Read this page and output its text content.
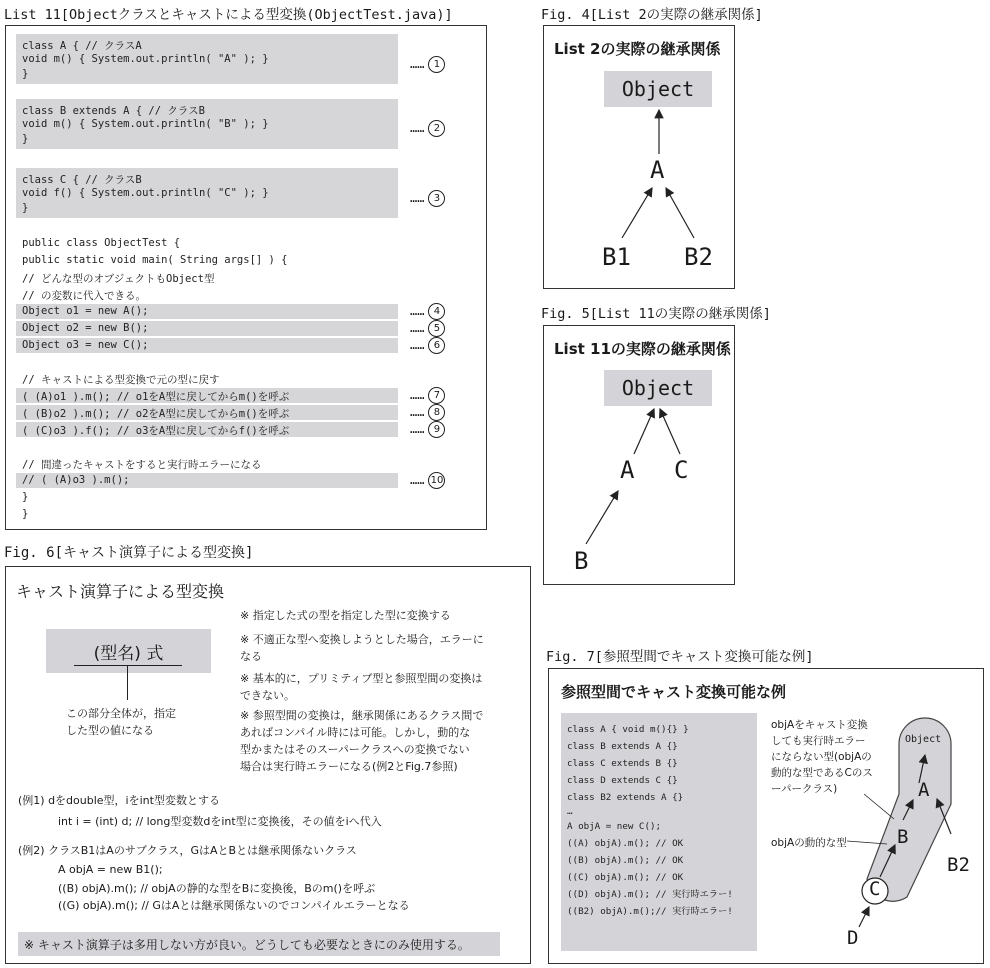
List 11[Objectクラスとキャストによる型変換(ObjectTest.java)]
class A { // クラスA
void m() { System.out.println( "A" ); }
}
…… 1
class B extends A { // クラスB
void m() { System.out.println( "B" ); }
}
…… 2
class C { // クラスB
void f() { System.out.println( "C" ); }
}
…… 3
public class ObjectTest {
public static void main( String args[] ) {
// どんな型のオブジェクトもObject型
// の変数に代入できる。
Object o1 = new A();
Object o2 = new B();
Object o3 = new C();
…… 4
…… 5
…… 6
// キャストによる型変換で元の型に戻す
( (A)o1 ).m(); // o1をA型に戻してからm()を呼ぶ
( (B)o2 ).m(); // o2をA型に戻してからm()を呼ぶ
( (C)o3 ).f(); // o3をA型に戻してからf()を呼ぶ
…… 7
…… 8
…… 9
// 間違ったキャストをすると実行時エラーになる
// ( (A)o3 ).m();	…… 10
}
}
Fig. 4[List 2の実際の継承関係]
List 2の実際の継承関係
Object
A
B1 B2
Fig. 5[List 11の実際の継承関係]
List 11の実際の継承関係
Object
A C
B
Fig. 6[キャスト演算子による型変換]
キャスト演算子による型変換
(型名) 式
この部分全体が，指定
した型の値になる
※ 指定した式の型を指定した型に変換する
※ 不適正な型へ変換しようとした場合，エラーに
なる
※ 基本的に，プリミティブ型と参照型間の変換は
できない。
※ 参照型間の変換は，継承関係にあるクラス間で
あればコンパイル時には可能。しかし，動的な
型かまたはそのスーパークラスへの変換でない
場合は実行時エラーになる(例2とFig.7参照)
(例1) dをdouble型，iをint型変数とする
int i = (int) d; // long型変数dをint型に変換後，その値をiへ代入
(例2) クラスB1はAのサブクラス，GはAとBとは継承関係ないクラス
A objA = new B1();
((B) objA).m(); // objAの静的な型をBに変換後，Bのm()を呼ぶ
((G) objA).m(); // GはAとは継承関係ないのでコンパイルエラーとなる
※ キャスト演算子は多用しない方が良い。どうしても必要なときにのみ使用する。
Fig. 7[参照型間でキャスト変換可能な例]
参照型間でキャスト変換可能な例
class A { void m(){} }
class B extends A {}
class C extends B {}
class D extends C {}
class B2 extends A {}
…
A objA = new C();
((A) objA).m(); // OK
((B) objA).m(); // OK
((C) objA).m(); // OK
((D) objA).m(); // 実行時エラー!
((B2) objA).m();// 実行時エラー!
objAをキャスト変換
しても実行時エラー
にならない型(objAの
動的な型であるCのス
ーパークラス)
objAの動的な型
Object
A
B
C
B2
D
